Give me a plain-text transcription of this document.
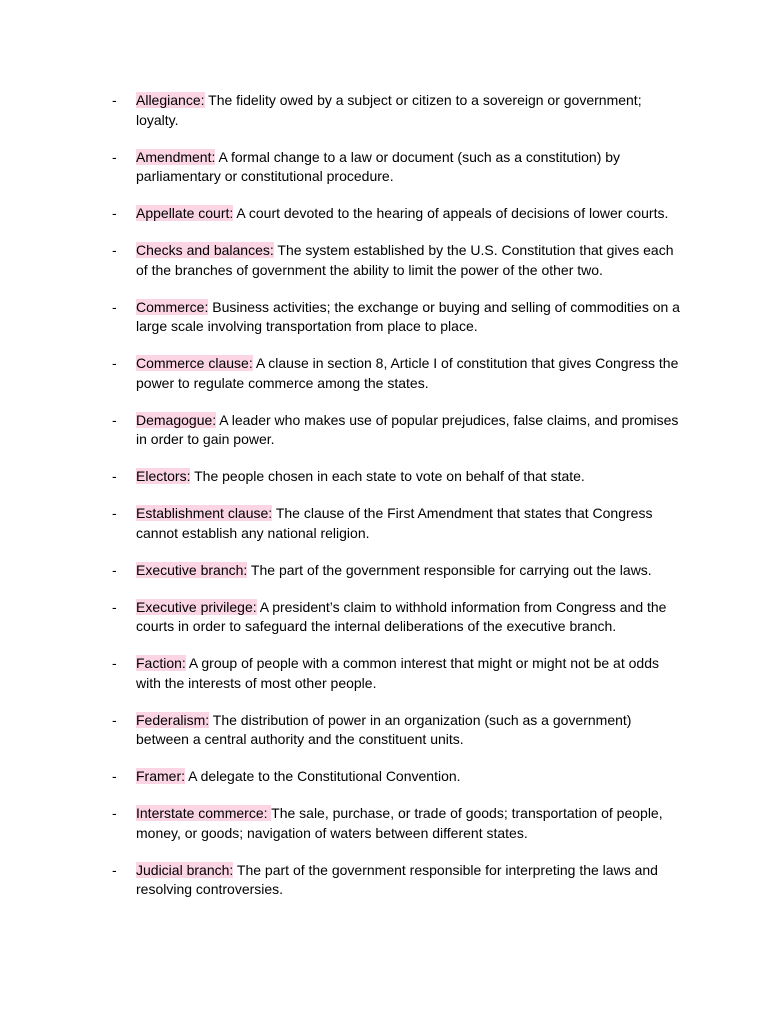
- Allegiance: The fidelity owed by a subject or citizen to a sovereign or government; loyalty.
- Amendment: A formal change to a law or document (such as a constitution) by parliamentary or constitutional procedure.
- Appellate court: A court devoted to the hearing of appeals of decisions of lower courts.
- Checks and balances: The system established by the U.S. Constitution that gives each of the branches of government the ability to limit the power of the other two.
- Commerce: Business activities; the exchange or buying and selling of commodities on a large scale involving transportation from place to place.
- Commerce clause: A clause in section 8, Article I of constitution that gives Congress the power to regulate commerce among the states.
- Demagogue: A leader who makes use of popular prejudices, false claims, and promises in order to gain power.
- Electors: The people chosen in each state to vote on behalf of that state.
- Establishment clause: The clause of the First Amendment that states that Congress cannot establish any national religion.
- Executive branch: The part of the government responsible for carrying out the laws.
- Executive privilege: A president’s claim to withhold information from Congress and the courts in order to safeguard the internal deliberations of the executive branch.
- Faction: A group of people with a common interest that might or might not be at odds with the interests of most other people.
- Federalism: The distribution of power in an organization (such as a government) between a central authority and the constituent units.
- Framer: A delegate to the Constitutional Convention.
- Interstate commerce: The sale, purchase, or trade of goods; transportation of people, money, or goods; navigation of waters between different states.
- Judicial branch: The part of the government responsible for interpreting the laws and resolving controversies.
